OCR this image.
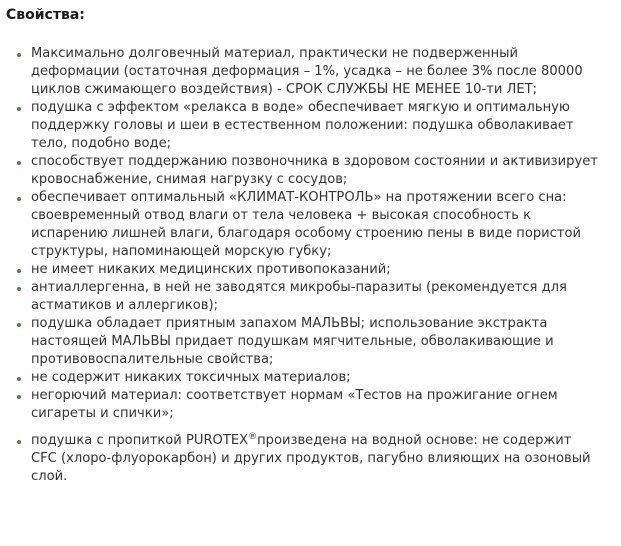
Свойства:
Максимально долговечный материал, практически не подверженный деформации (остаточная деформация – 1%, усадка – не более 3% после 80000 циклов сжимающего воздействия) - СРОК СЛУЖБЫ НЕ МЕНЕЕ 10-ти ЛЕТ;
подушка с эффектом «релакса в воде» обеспечивает мягкую и оптимальную поддержку головы и шеи в естественном положении: подушка обволакивает тело, подобно воде;
способствует поддержанию позвоночника в здоровом состоянии и активизирует кровоснабжение, снимая нагрузку с сосудов;
обеспечивает оптимальный «КЛИМАТ-КОНТРОЛЬ» на протяжении всего сна: своевременный отвод влаги от тела человека + высокая способность к испарению лишней влаги, благодаря особому строению пены в виде пористой структуры, напоминающей морскую губку;
не имеет никаких медицинских противопоказаний;
антиаллергенна, в ней не заводятся микробы-паразиты (рекомендуется для астматиков и аллергиков);
подушка обладает приятным запахом МАЛЬВЫ; использование экстракта настоящей МАЛЬВЫ придает подушкам мягчительные, обволакивающие и противовоспалительные свойства;
не содержит никаких токсичных материалов;
негорючий материал: соответствует нормам «Тестов на прожигание огнем сигареты и спички»;
подушка с пропиткой PUROTEX®произведена на водной основе: не содержит CFC (хлоро-флуорокарбон) и других продуктов, пагубно влияющих на озоновый слой.
